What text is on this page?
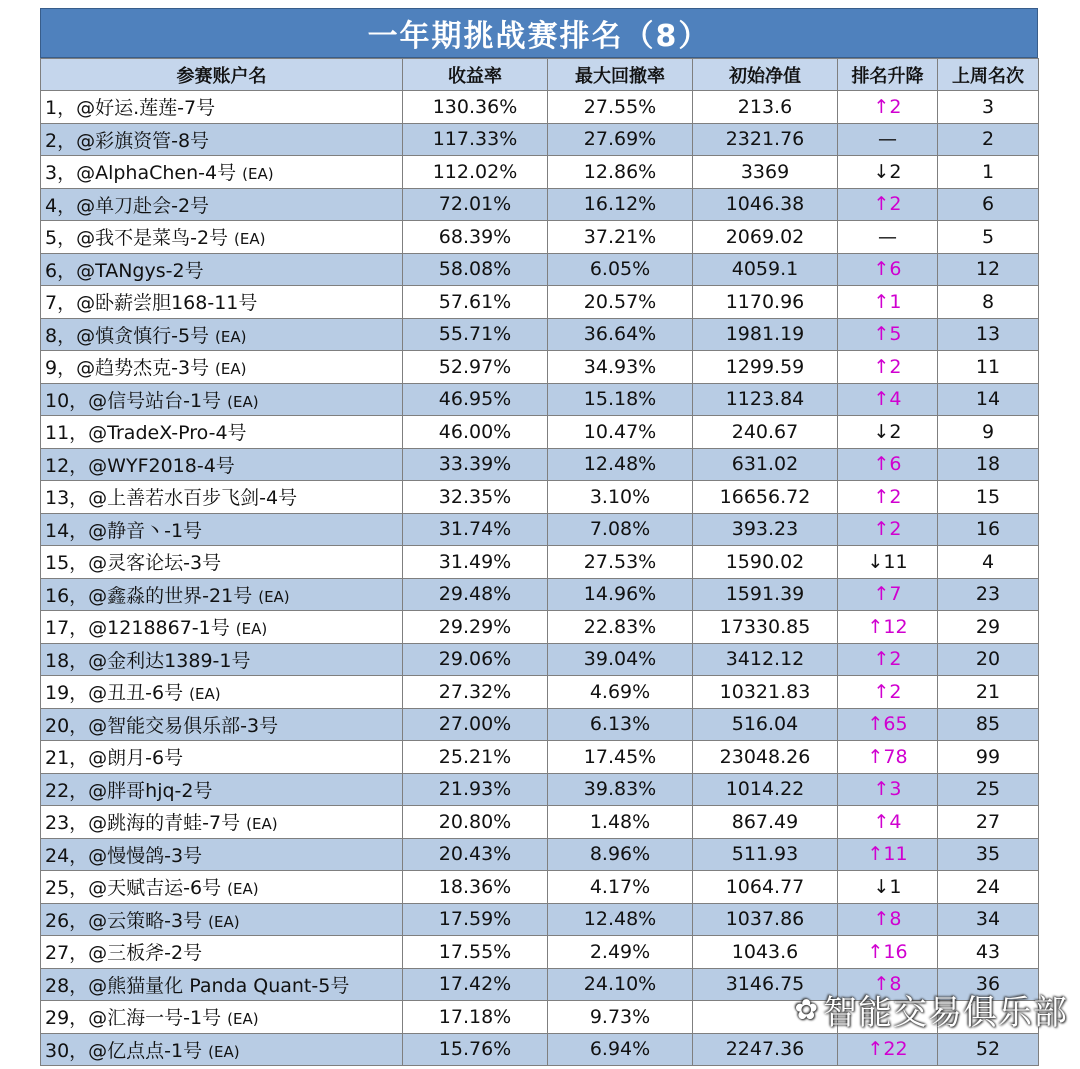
一年期挑战赛排名（8）
参赛账户名	收益率	最大回撤率	初始净值	排名升降	上周名次
1，@好运.莲莲-7号	130.36%	27.55%	213.6	↑2	3
2，@彩旗资管-8号	117.33%	27.69%	2321.76	—	2
3，@AlphaChen-4号 (EA)	112.02%	12.86%	3369	↓2	1
4，@单刀赴会-2号	72.01%	16.12%	1046.38	↑2	6
5，@我不是菜鸟-2号 (EA)	68.39%	37.21%	2069.02	—	5
6，@TANgys-2号	58.08%	6.05%	4059.1	↑6	12
7，@卧薪尝胆168-11号	57.61%	20.57%	1170.96	↑1	8
8，@慎贪慎行-5号 (EA)	55.71%	36.64%	1981.19	↑5	13
9，@趋势杰克-3号 (EA)	52.97%	34.93%	1299.59	↑2	11
10，@信号站台-1号 (EA)	46.95%	15.18%	1123.84	↑4	14
11，@TradeX-Pro-4号	46.00%	10.47%	240.67	↓2	9
12，@WYF2018-4号	33.39%	12.48%	631.02	↑6	18
13，@上善若水百步飞剑-4号	32.35%	3.10%	16656.72	↑2	15
14，@静音丶-1号	31.74%	7.08%	393.23	↑2	16
15，@灵客论坛-3号	31.49%	27.53%	1590.02	↓11	4
16，@鑫淼的世界-21号 (EA)	29.48%	14.96%	1591.39	↑7	23
17，@1218867-1号 (EA)	29.29%	22.83%	17330.85	↑12	29
18，@金利达1389-1号	29.06%	39.04%	3412.12	↑2	20
19，@丑丑-6号 (EA)	27.32%	4.69%	10321.83	↑2	21
20，@智能交易俱乐部-3号	27.00%	6.13%	516.04	↑65	85
21，@朗月-6号	25.21%	17.45%	23048.26	↑78	99
22，@胖哥hjq-2号	21.93%	39.83%	1014.22	↑3	25
23，@跳海的青蛙-7号 (EA)	20.80%	1.48%	867.49	↑4	27
24，@慢慢鸽-3号	20.43%	8.96%	511.93	↑11	35
25，@天赋吉运-6号 (EA)	18.36%	4.17%	1064.77	↓1	24
26，@云策略-3号 (EA)	17.59%	12.48%	1037.86	↑8	34
27，@三板斧-2号	17.55%	2.49%	1043.6	↑16	43
28，@熊猫量化 Panda Quant-5号	17.42%	24.10%	3146.75	↑8	36
29，@汇海一号-1号 (EA)	17.18%	9.73%			
30，@亿点点-1号 (EA)	15.76%	6.94%	2247.36	↑22	52
✿ 智能交易俱乐部
